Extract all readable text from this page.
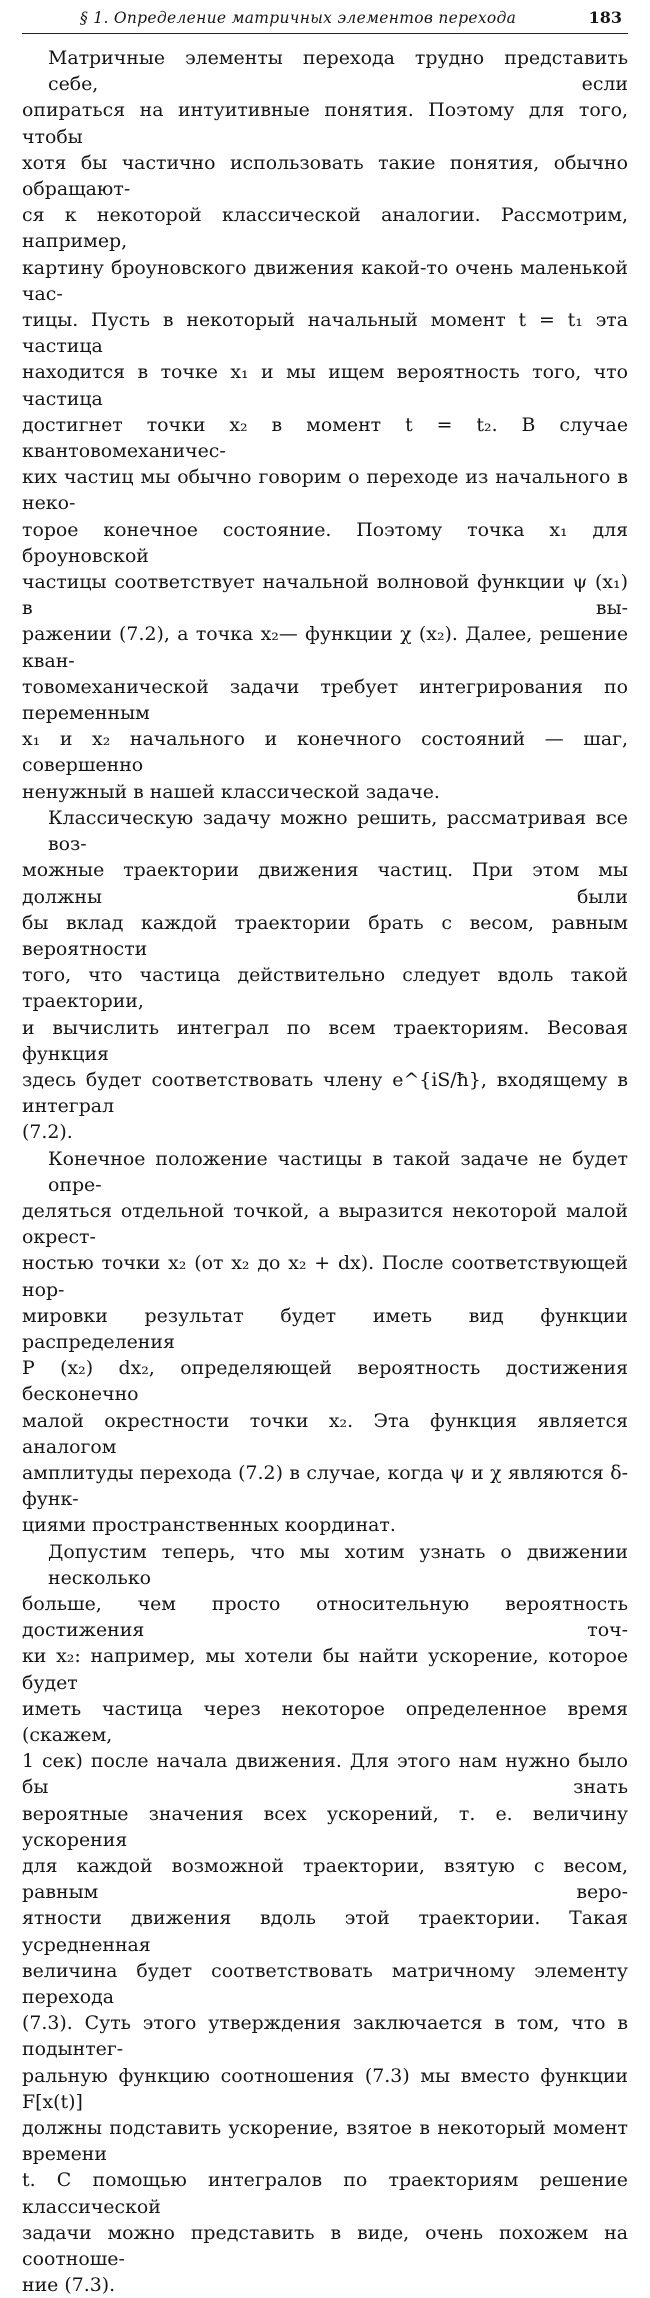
§ 1. Определение матричных элементов перехода	183
Матричные элементы перехода трудно представить себе, если
опираться на интуитивные понятия. Поэтому для того, чтобы
хотя бы частично использовать такие понятия, обычно обращают-
ся к некоторой классической аналогии. Рассмотрим, например,
картину броуновского движения какой-то очень маленькой час-
тицы. Пусть в некоторый начальный момент t = t₁ эта частица
находится в точке x₁ и мы ищем вероятность того, что частица
достигнет точки x₂ в момент t = t₂. В случае квантовомеханичес-
ких частиц мы обычно говорим о переходе из начального в неко-
торое конечное состояние. Поэтому точка x₁ для броуновской
частицы соответствует начальной волновой функции ψ (x₁) в вы-
ражении (7.2), а точка x₂— функции χ (x₂). Далее, решение кван-
товомеханической задачи требует интегрирования по переменным
x₁ и x₂ начального и конечного состояний — шаг, совершенно
ненужный в нашей классической задаче.
Классическую задачу можно решить, рассматривая все воз-
можные траектории движения частиц. При этом мы должны были
бы вклад каждой траектории брать с весом, равным вероятности
того, что частица действительно следует вдоль такой траектории,
и вычислить интеграл по всем траекториям. Весовая функция
здесь будет соответствовать члену e^{iS/ħ}, входящему в интеграл
(7.2).
Конечное положение частицы в такой задаче не будет опре-
деляться отдельной точкой, а выразится некоторой малой окрест-
ностью точки x₂ (от x₂ до x₂ + dx). После соответствующей нор-
мировки результат будет иметь вид функции распределения
P (x₂) dx₂, определяющей вероятность достижения бесконечно
малой окрестности точки x₂. Эта функция является аналогом
амплитуды перехода (7.2) в случае, когда ψ и χ являются δ-функ-
циями пространственных координат.
Допустим теперь, что мы хотим узнать о движении несколько
больше, чем просто относительную вероятность достижения точ-
ки x₂: например, мы хотели бы найти ускорение, которое будет
иметь частица через некоторое определенное время (скажем,
1 сек) после начала движения. Для этого нам нужно было бы знать
вероятные значения всех ускорений, т. е. величину ускорения
для каждой возможной траектории, взятую с весом, равным веро-
ятности движения вдоль этой траектории. Такая усредненная
величина будет соответствовать матричному элементу перехода
(7.3). Суть этого утверждения заключается в том, что в подынтег-
ральную функцию соотношения (7.3) мы вместо функции F[x(t)]
должны подставить ускорение, взятое в некоторый момент времени
t. С помощью интегралов по траекториям решение классической
задачи можно представить в виде, очень похожем на соотноше-
ние (7.3).
